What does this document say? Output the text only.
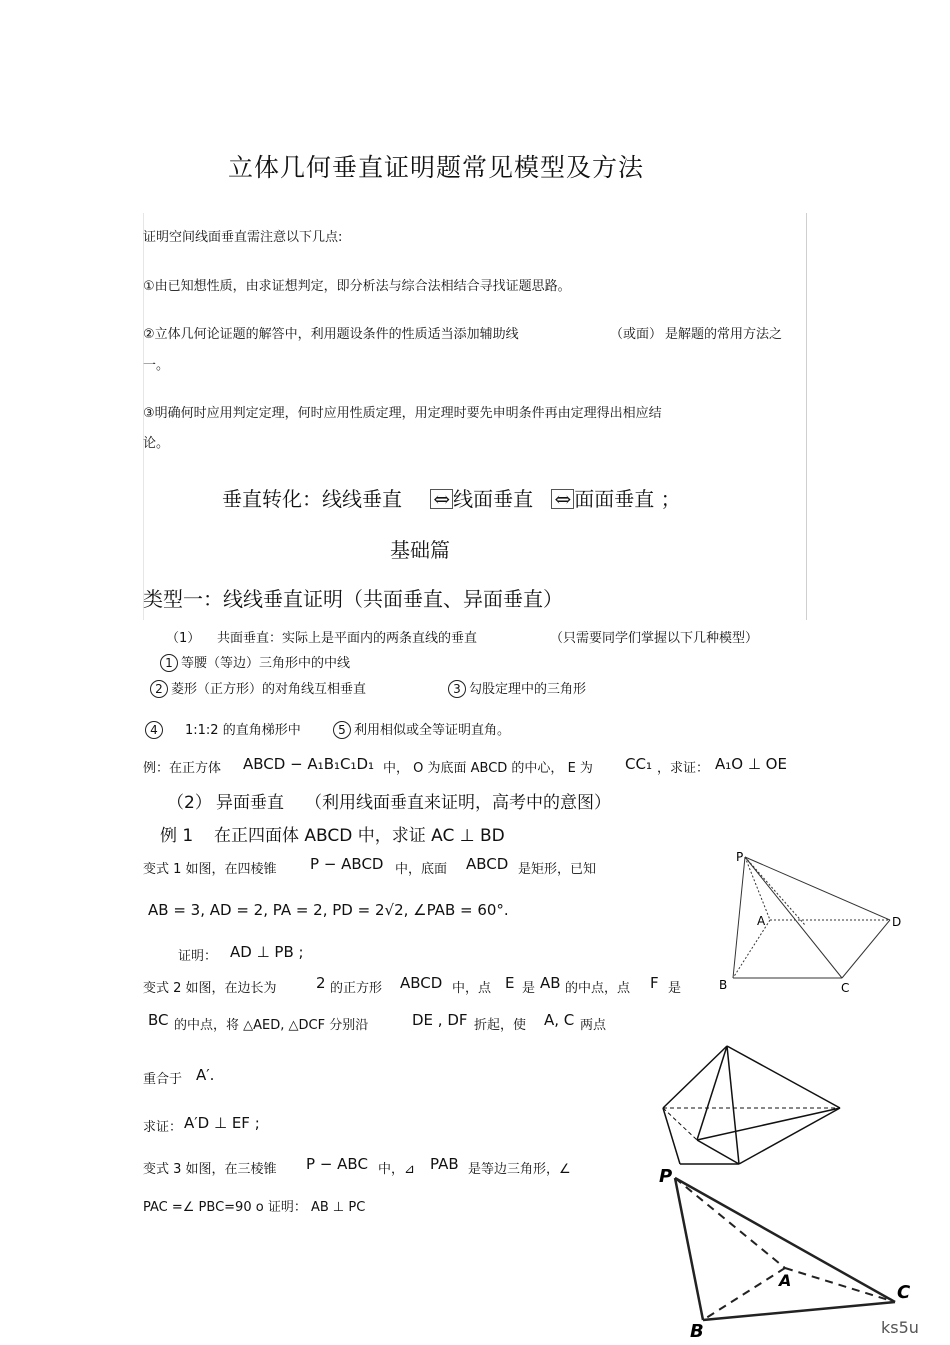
立体几何垂直证明题常见模型及方法
证明空间线面垂直需注意以下几点:
①由已知想性质，由求证想判定，即分析法与综合法相结合寻找证题思路。
②立体几何论证题的解答中，利用题设条件的性质适当添加辅助线	（或面） 是解题的常用方法之
一。
③明确何时应用判定定理，何时应用性质定理，用定理时要先申明条件再由定理得出相应结
论。
垂直转化：线线垂直 ⇔ 线面垂直 ⇔ 面面垂直 ；
基础篇
类型一：线线垂直证明（共面垂直、异面垂直）
（1） 共面垂直：实际上是平面内的两条直线的垂直	（只需要同学们掌握以下几种模型）
1 等腰（等边）三角形中的中线
2 菱形（正方形）的对角线互相垂直	3 勾股定理中的三角形
4 1:1:2 的直角梯形中	5 利用相似或全等证明直角。
例：在正方体 ABCD − A₁B₁C₁D₁ 中， O 为底面 ABCD 的中心， E 为 CC₁ ，求证： A₁O ⊥ OE
（2） 异面垂直 （利用线面垂直来证明，高考中的意图）
例 1 在正四面体 ABCD 中，求证 AC ⊥ BD
变式 1 如图，在四棱锥 P − ABCD 中，底面 ABCD 是矩形，已知
AB = 3, AD = 2, PA = 2, PD = 2√2, ∠PAB = 60°.
证明： AD ⊥ PB ;
变式 2 如图，在边长为	2 的正方形 ABCD 中，点 E 是 AB 的中点，点 F 是
BC 的中点，将 △AED, △DCF 分别沿	DE , DF 折起，使 A, C 两点
重合于 A′.
求证： A′D ⊥ EF ;
变式 3 如图，在三棱锥 P − ABC 中，⊿ PAB 是等边三角形，∠
PAC =∠ PBC=90 o 证明： AB ⊥ PC
P
A
B	C
D
P
A
B
C
ks5u
